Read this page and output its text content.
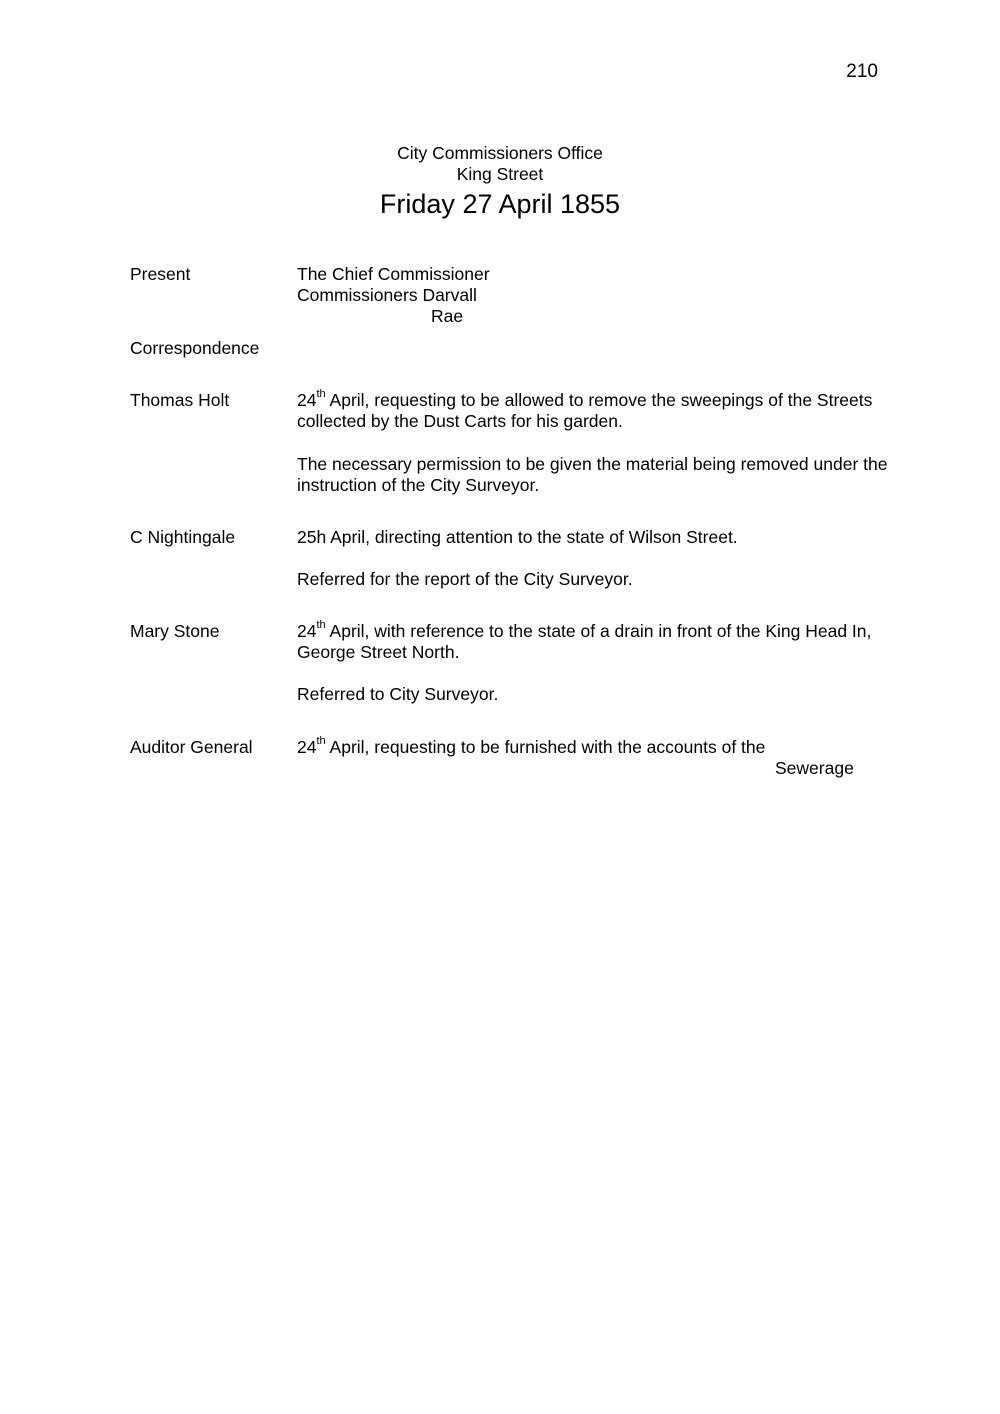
210
City Commissioners Office
King Street
Friday 27 April 1855
Present	The Chief Commissioner
Commissioners Darvall
Rae
Correspondence
Thomas Holt	24th April, requesting to be allowed to remove the sweepings of the Streets collected by the Dust Carts for his garden.

The necessary permission to be given the material being removed under the instruction of the City Surveyor.

C Nightingale	25h April, directing attention to the state of Wilson Street.

Referred for the report of the City Surveyor.

Mary Stone	24th April, with reference to the state of a drain in front of the King Head In, George Street North.

Referred to City Surveyor.

Auditor General	24th April, requesting to be furnished with the accounts of the

Sewerage
